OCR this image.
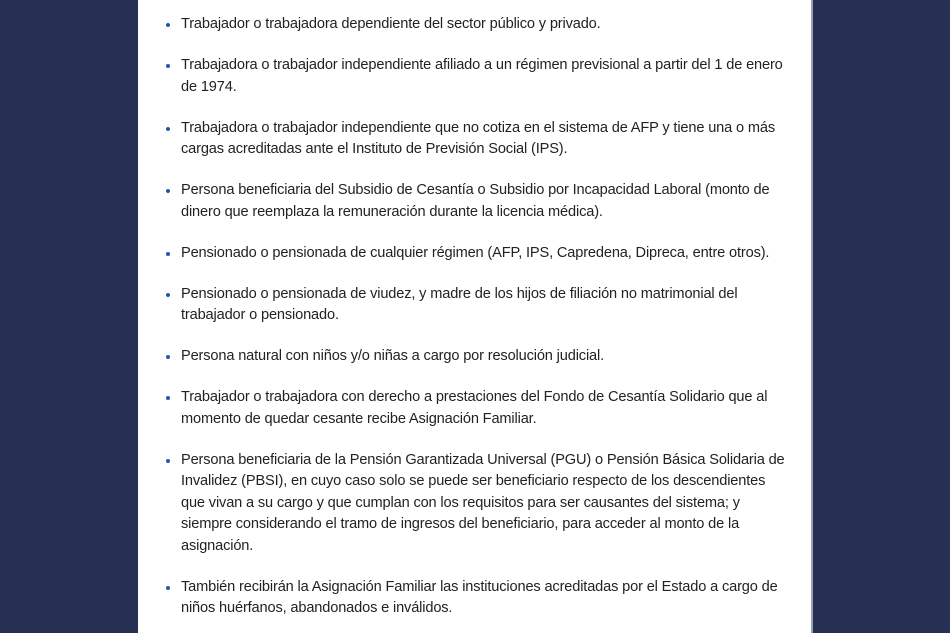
Trabajador o trabajadora dependiente del sector público y privado.
Trabajadora o trabajador independiente afiliado a un régimen previsional a partir del 1 de enero de 1974.
Trabajadora o trabajador independiente que no cotiza en el sistema de AFP y tiene una o más cargas acreditadas ante el Instituto de Previsión Social (IPS).
Persona beneficiaria del Subsidio de Cesantía o Subsidio por Incapacidad Laboral (monto de dinero que reemplaza la remuneración durante la licencia médica).
Pensionado o pensionada de cualquier régimen (AFP, IPS, Capredena, Dipreca, entre otros).
Pensionado o pensionada de viudez, y madre de los hijos de filiación no matrimonial del trabajador o pensionado.
Persona natural con niños y/o niñas a cargo por resolución judicial.
Trabajador o trabajadora con derecho a prestaciones del Fondo de Cesantía Solidario que al momento de quedar cesante recibe Asignación Familiar.
Persona beneficiaria de la Pensión Garantizada Universal (PGU) o Pensión Básica Solidaria de Invalidez (PBSI), en cuyo caso solo se puede ser beneficiario respecto de los descendientes que vivan a su cargo y que cumplan con los requisitos para ser causantes del sistema; y siempre considerando el tramo de ingresos del beneficiario, para acceder al monto de la asignación.
También recibirán la Asignación Familiar las instituciones acreditadas por el Estado a cargo de niños huérfanos, abandonados e inválidos.
